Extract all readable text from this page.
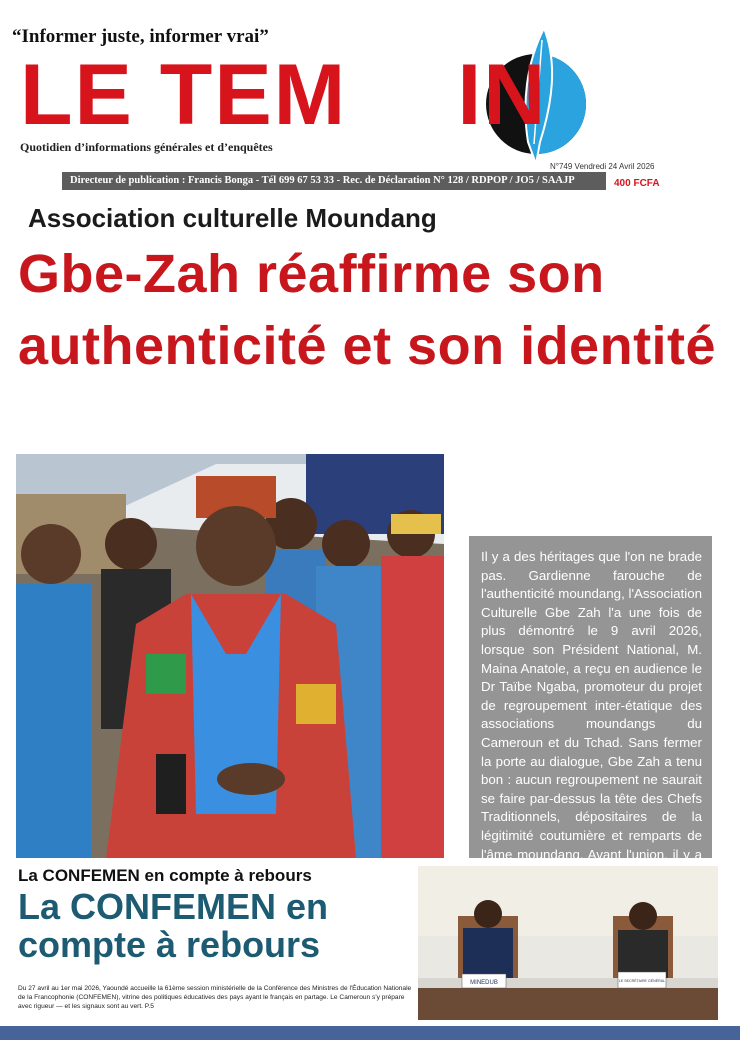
“Informer juste, informer vrai”
LE TEM IN
Quotidien d’informations générales et d’enquêtes
N°749 Vendredi 24 Avril 2026
Directeur de publication : Francis Bonga - Tél 699 67 53 33 - Rec. de Déclaration N° 128 / RDPOP / JO5 / SAAJP	400 FCFA
Association culturelle Moundang
Gbe-Zah réaffirme son authenticité et son identité

Il y a des héritages que l'on ne brade pas. Gardienne farouche de l'authenticité moundang, l'Association Culturelle Gbe Zah l'a une fois de plus démontré le 9 avril 2026, lorsque son Président National, M. Maina Anatole, a reçu en audience le Dr Taïbe Ngaba, promoteur du projet de regroupement inter-étatique des associations moundangs du Cameroun et du Tchad. Sans fermer la porte au dialogue, Gbe Zah a tenu bon : aucun regroupement ne saurait se faire par-dessus la tête des Chefs Traditionnels, dépositaires de la légitimité coutumière et remparts de l'âme moundang. Avant l'union, il y a

La CONFEMEN en compte à rebours
La CONFEMEN en compte à rebours
Du 27 avril au 1er mai 2026, Yaoundé accueille la 61ème session ministérielle de la Conférence des Ministres de l'Éducation Nationale de la Francophonie (CONFEMEN), vitrine des politiques éducatives des pays ayant le français en partage. Le Cameroun s'y prépare avec rigueur — et les signaux sont au vert. P.5
MINEDUB	LE SECRÉTAIRE GÉNÉRAL
